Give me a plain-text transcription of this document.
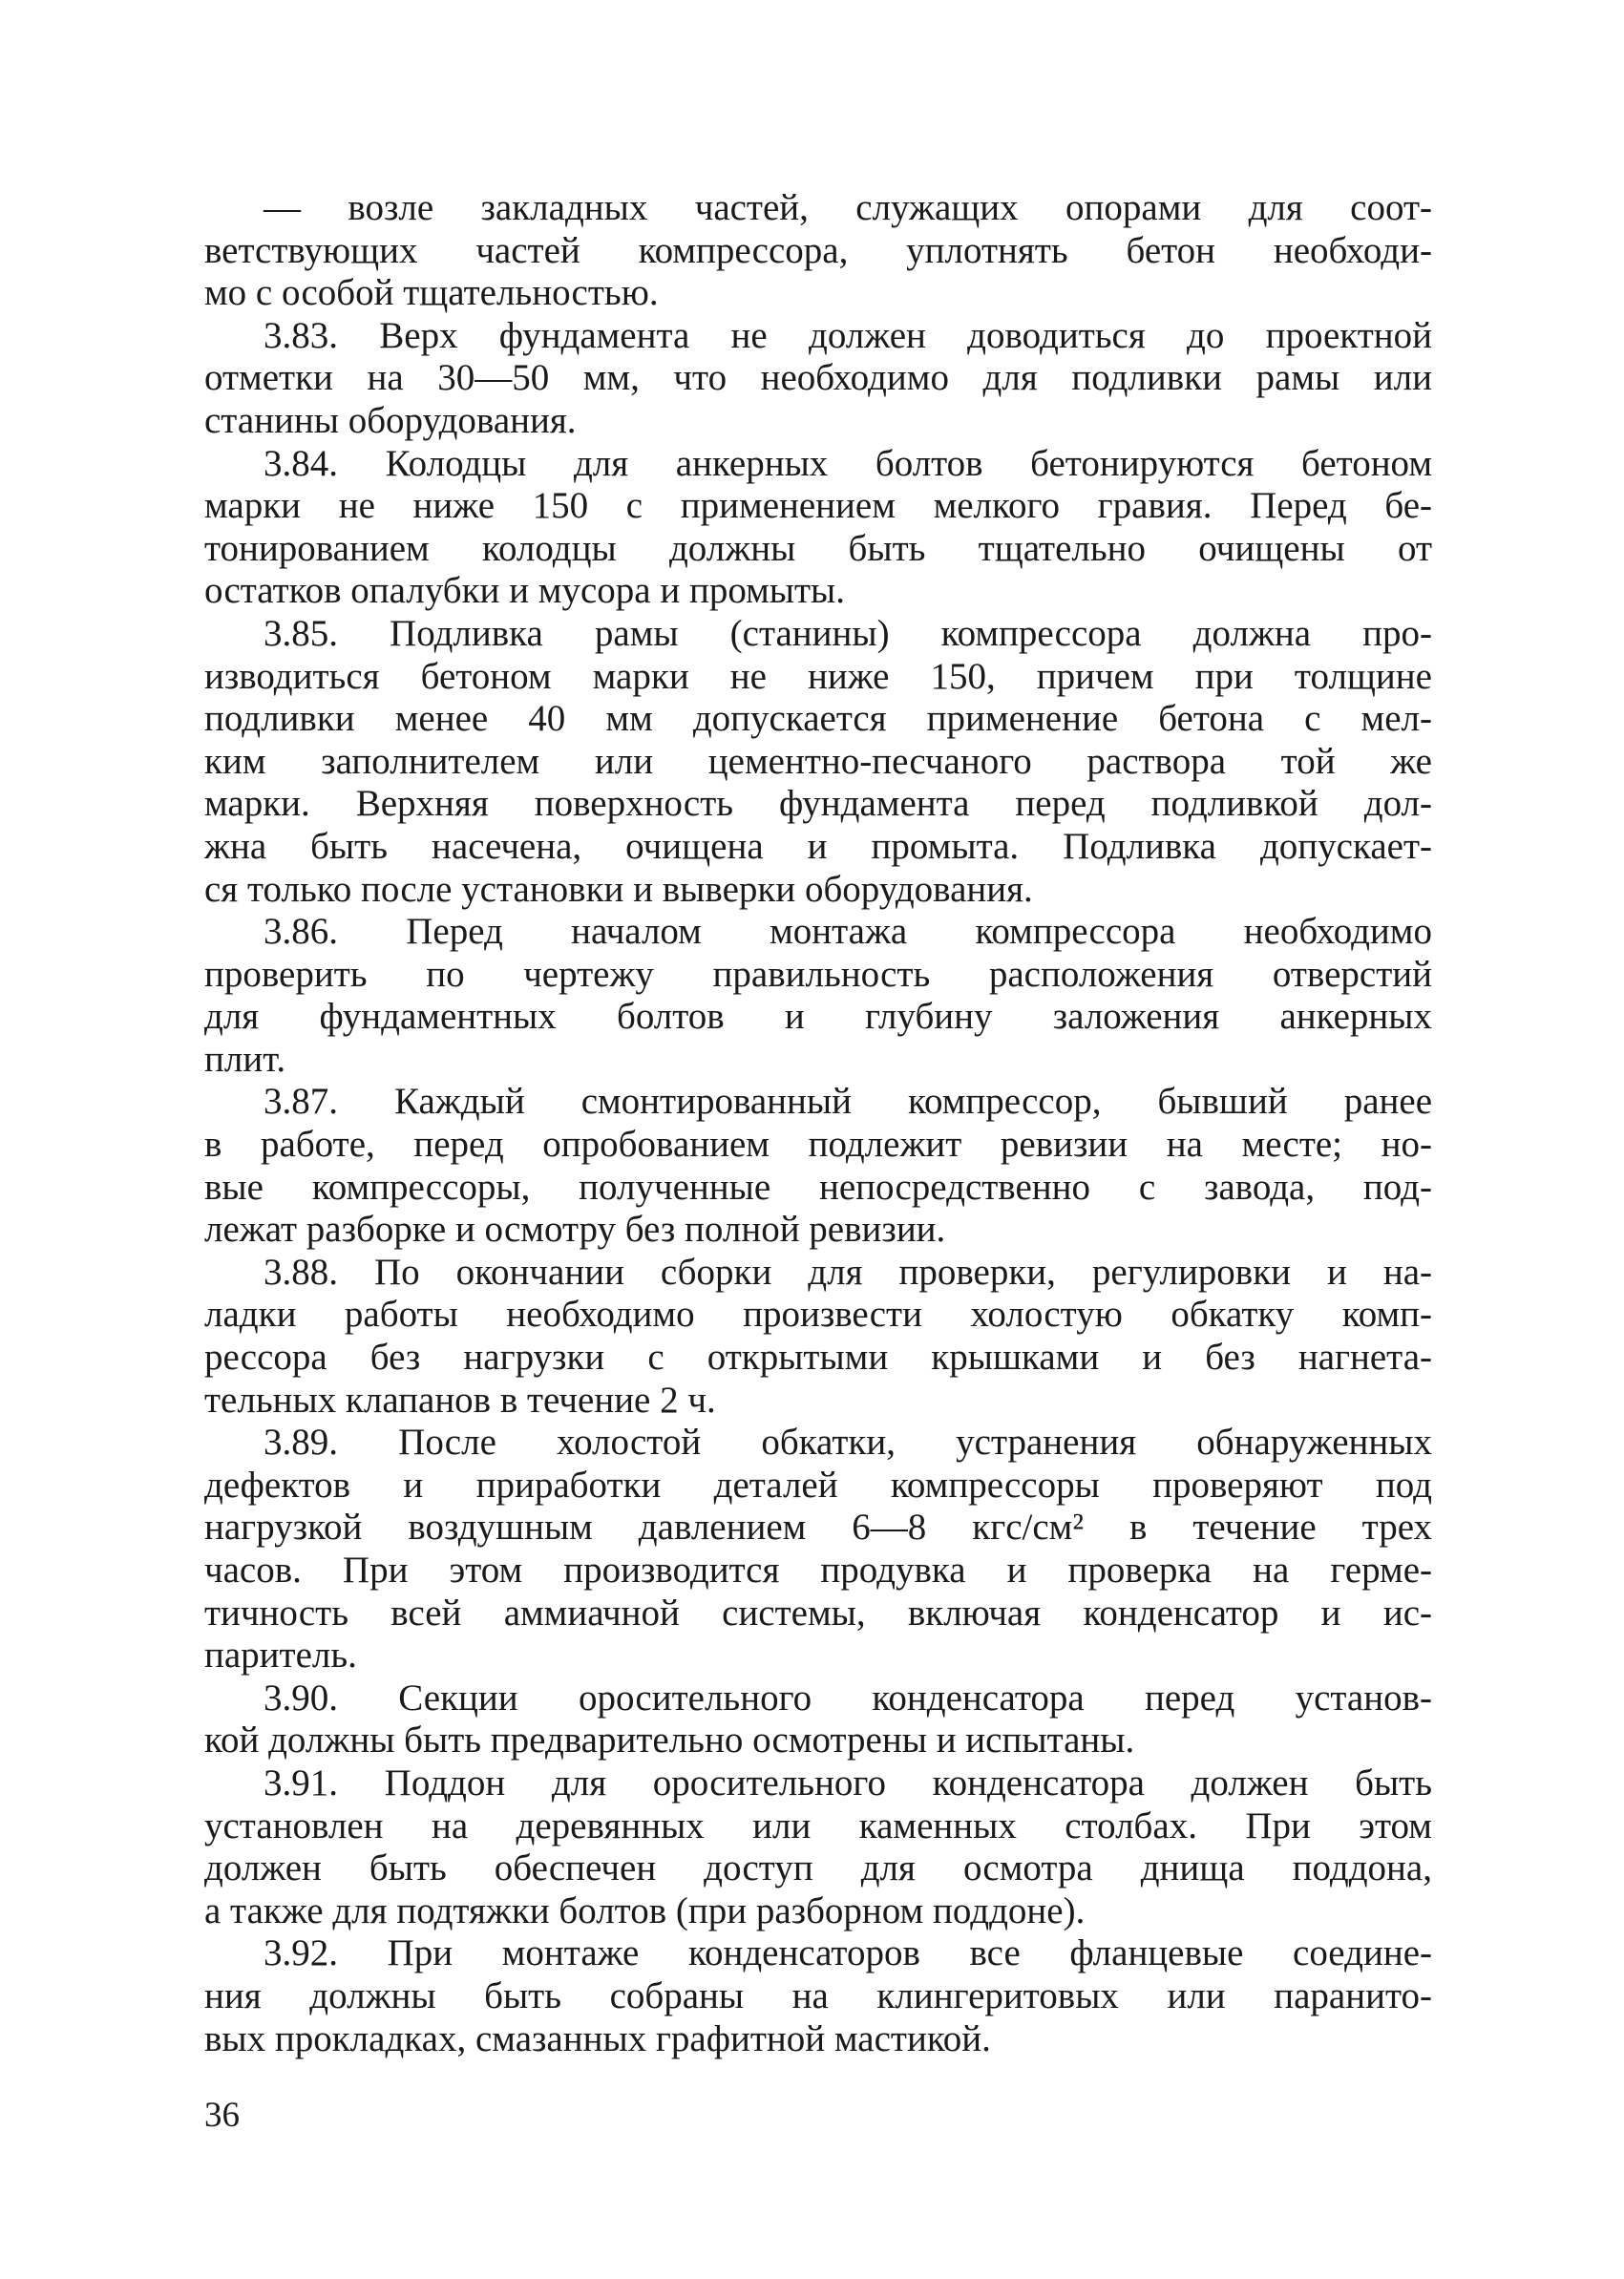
— возле закладных частей, служащих опорами для соот-
ветствующих частей компрессора, уплотнять бетон необходи-
мо с особой тщательностью.
3.83. Верх фундамента не должен доводиться до проектной
отметки на 30—50 мм, что необходимо для подливки рамы или
станины оборудования.
3.84. Колодцы для анкерных болтов бетонируются бетоном
марки не ниже 150 с применением мелкого гравия. Перед бе-
тонированием колодцы должны быть тщательно очищены от
остатков опалубки и мусора и промыты.
3.85. Подливка рамы (станины) компрессора должна про-
изводиться бетоном марки не ниже 150, причем при толщине
подливки менее 40 мм допускается применение бетона с мел-
ким заполнителем или цементно-песчаного раствора той же
марки. Верхняя поверхность фундамента перед подливкой дол-
жна быть насечена, очищена и промыта. Подливка допускает-
ся только после установки и выверки оборудования.
3.86. Перед началом монтажа компрессора необходимо
проверить по чертежу правильность расположения отверстий
для фундаментных болтов и глубину заложения анкерных
плит.
3.87. Каждый смонтированный компрессор, бывший ранее
в работе, перед опробованием подлежит ревизии на месте; но-
вые компрессоры, полученные непосредственно с завода, под-
лежат разборке и осмотру без полной ревизии.
3.88. По окончании сборки для проверки, регулировки и на-
ладки работы необходимо произвести холостую обкатку комп-
рессора без нагрузки с открытыми крышками и без нагнета-
тельных клапанов в течение 2 ч.
3.89. После холостой обкатки, устранения обнаруженных
дефектов и приработки деталей компрессоры проверяют под
нагрузкой воздушным давлением 6—8 кгс/см² в течение трех
часов. При этом производится продувка и проверка на герме-
тичность всей аммиачной системы, включая конденсатор и ис-
паритель.
3.90. Секции оросительного конденсатора перед установ-
кой должны быть предварительно осмотрены и испытаны.
3.91. Поддон для оросительного конденсатора должен быть
установлен на деревянных или каменных столбах. При этом
должен быть обеспечен доступ для осмотра днища поддона,
а также для подтяжки болтов (при разборном поддоне).
3.92. При монтаже конденсаторов все фланцевые соедине-
ния должны быть собраны на клингеритовых или паранито-
вых прокладках, смазанных графитной мастикой.
36
